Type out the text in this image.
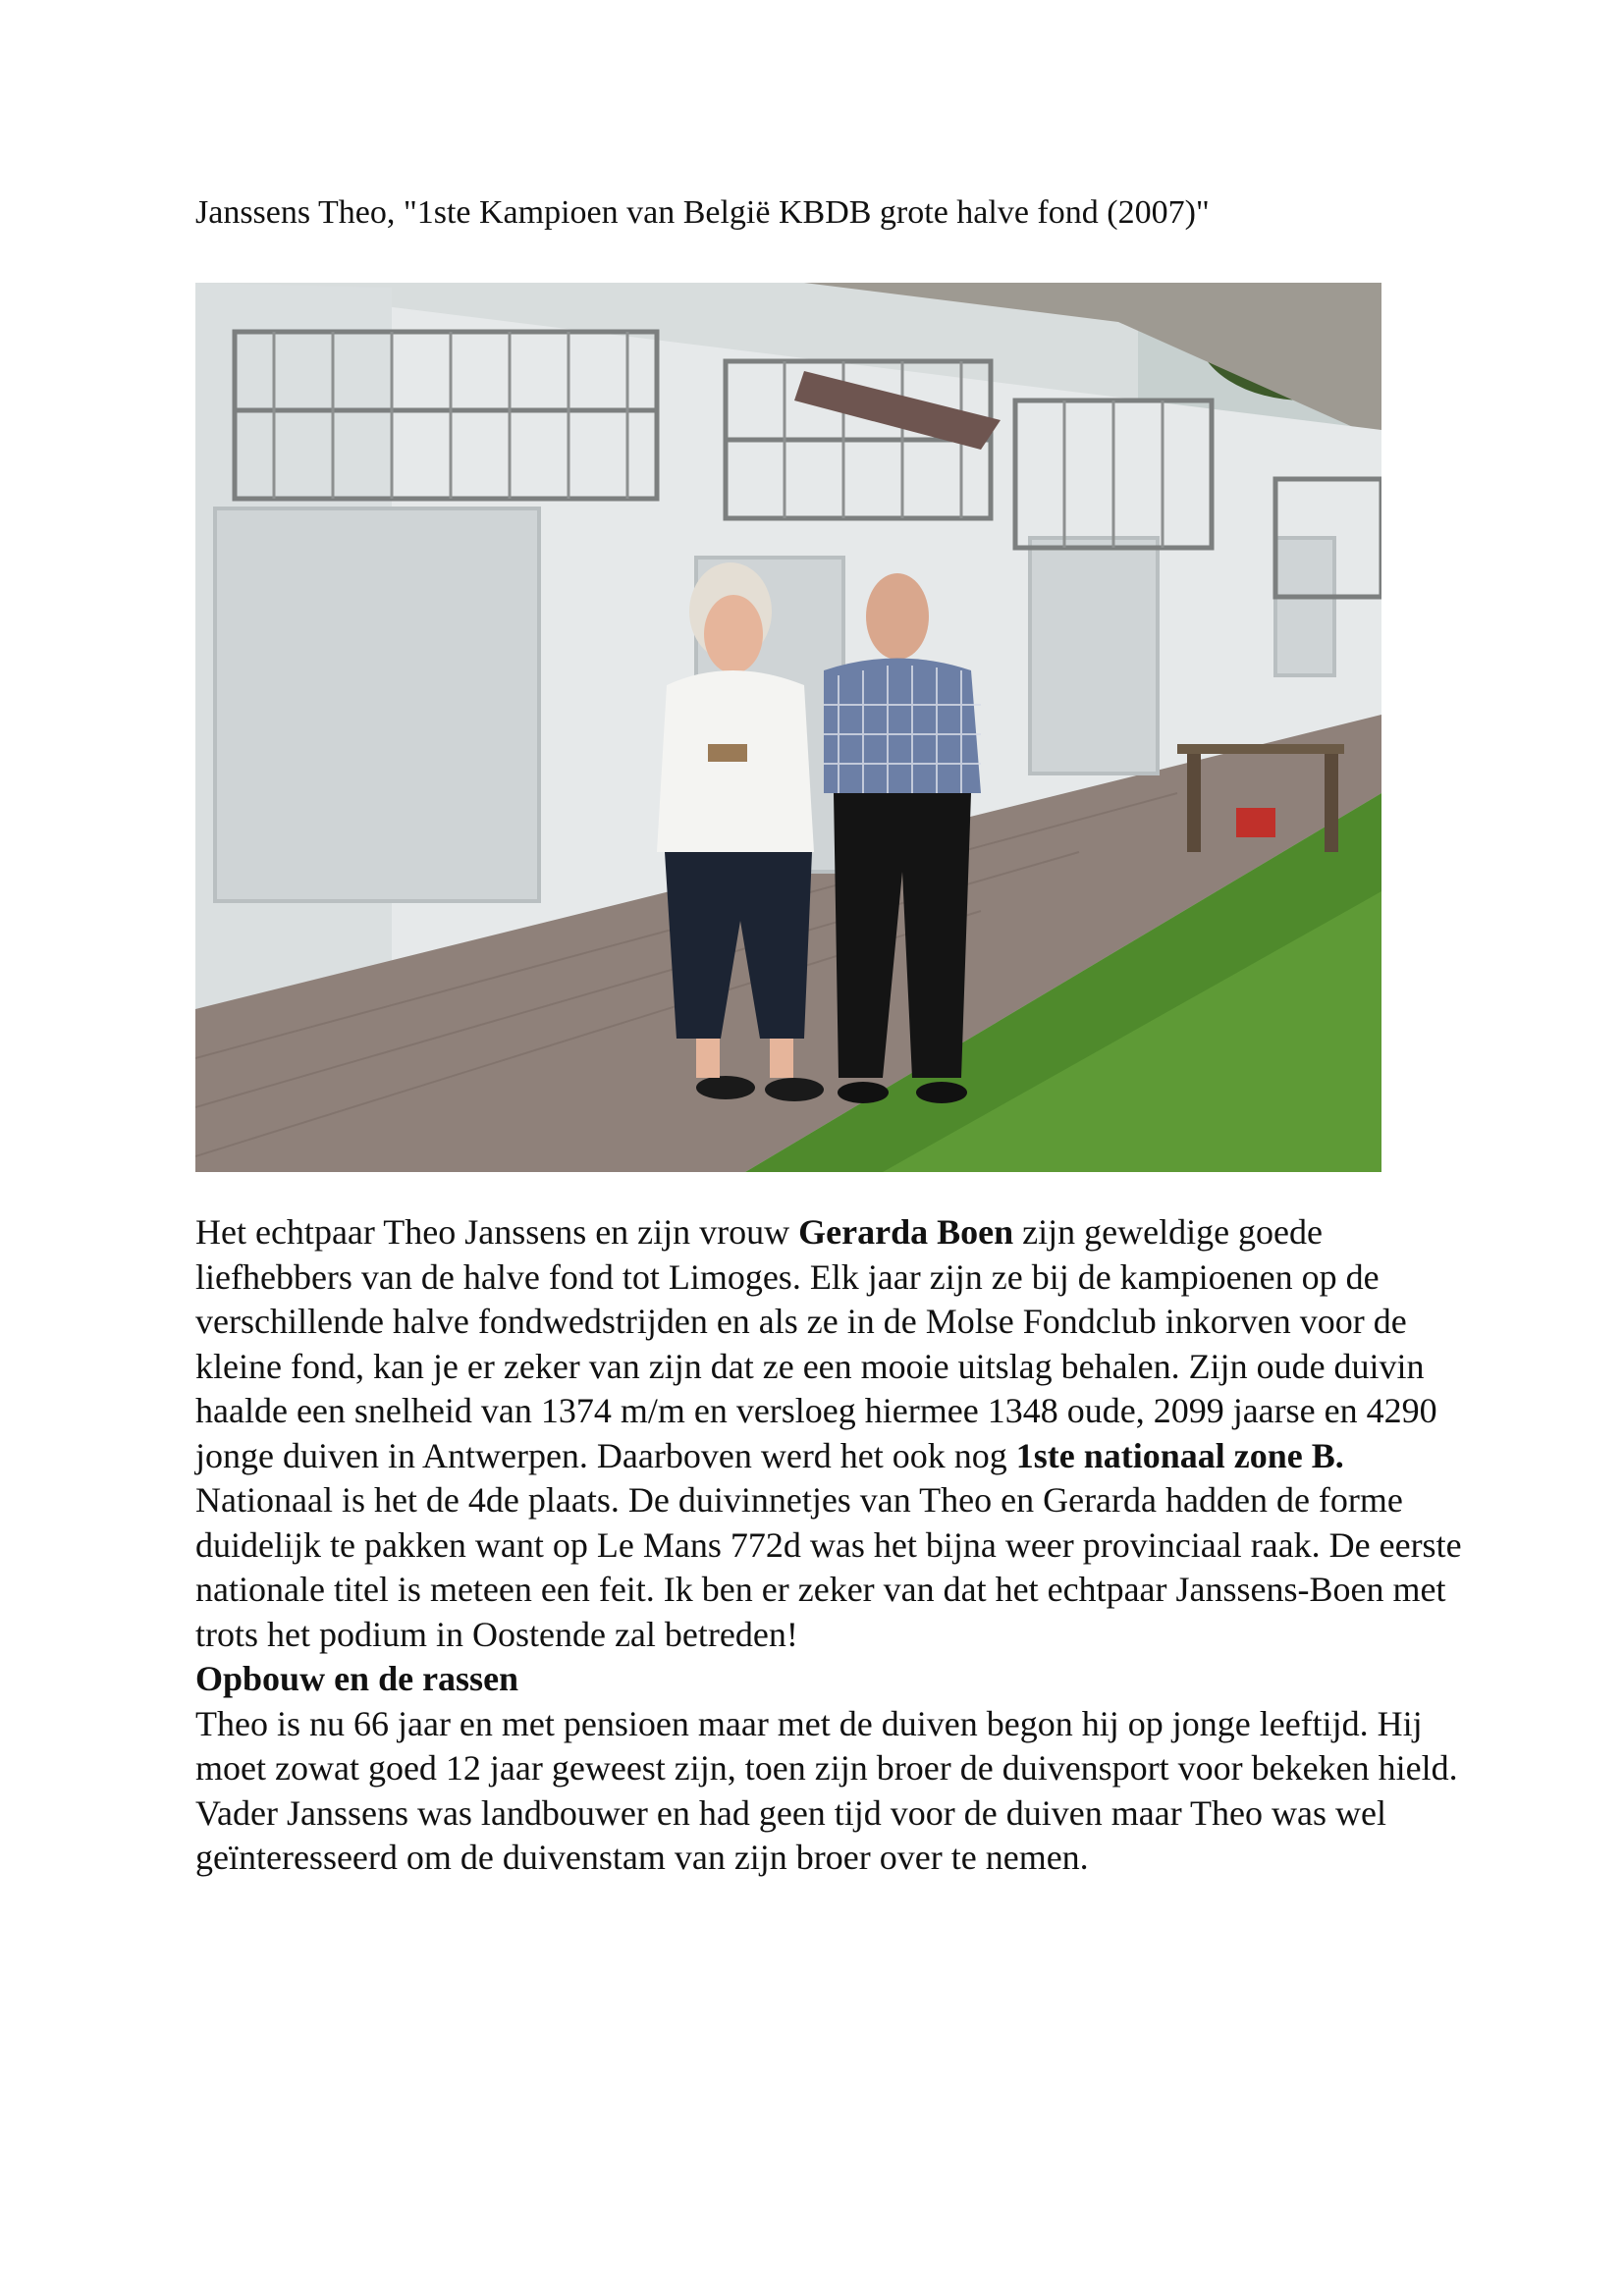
Janssens Theo, "1ste Kampioen van België KBDB grote halve fond (2007)"

Het echtpaar Theo Janssens en zijn vrouw Gerarda Boen zijn geweldige goede liefhebbers van de halve fond tot Limoges. Elk jaar zijn ze bij de kampioenen op de verschillende halve fondwedstrijden en als ze in de Molse Fondclub inkorven voor de kleine fond, kan je er zeker van zijn dat ze een mooie uitslag behalen. Zijn oude duivin haalde een snelheid van 1374 m/m en versloeg hiermee 1348 oude, 2099 jaarse en 4290 jonge duiven in Antwerpen. Daarboven werd het ook nog 1ste nationaal zone B. Nationaal is het de 4de plaats. De duivinnetjes van Theo en Gerarda hadden de forme duidelijk te pakken want op Le Mans 772d was het bijna weer provinciaal raak. De eerste nationale titel is meteen een feit. Ik ben er zeker van dat het echtpaar Janssens-Boen met trots het podium in Oostende zal betreden!

Opbouw en de rassen

Theo is nu 66 jaar en met pensioen maar met de duiven begon hij op jonge leeftijd. Hij moet zowat goed 12 jaar geweest zijn, toen zijn broer de duivensport voor bekeken hield. Vader Janssens was landbouwer en had geen tijd voor de duiven maar Theo was wel geïnteresseerd om de duivenstam van zijn broer over te nemen.
